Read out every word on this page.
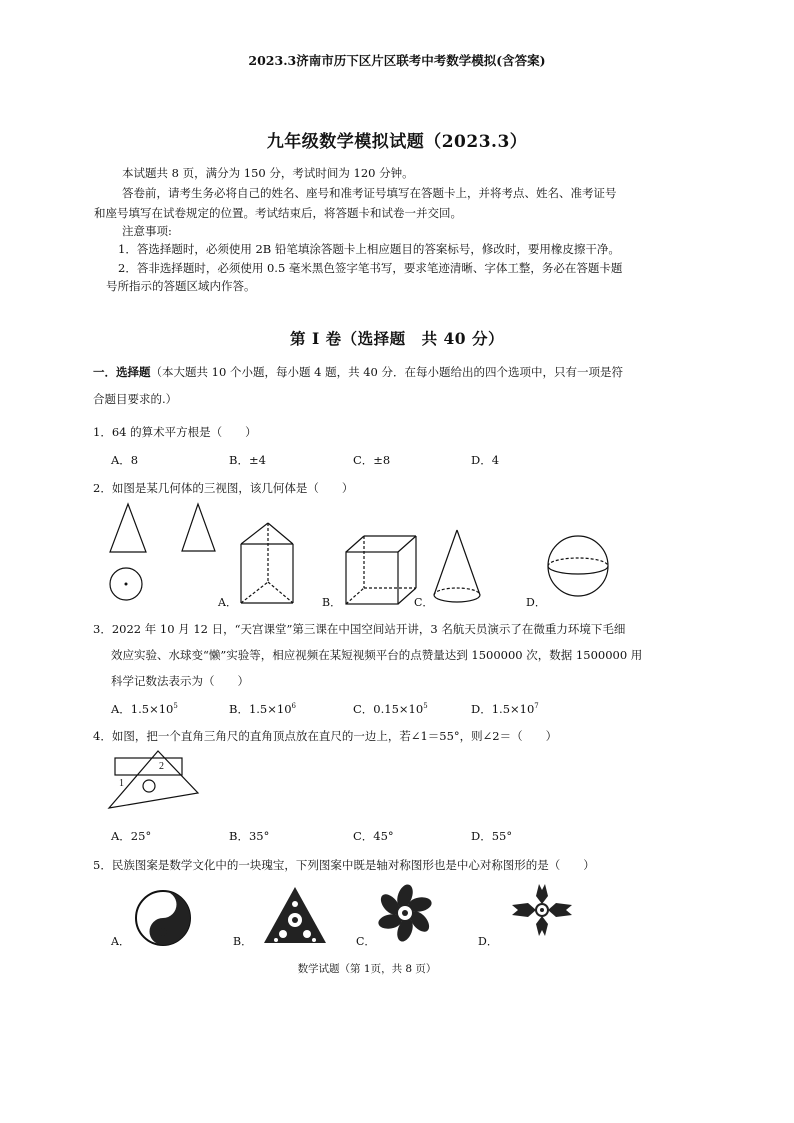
2023.3济南市历下区片区联考中考数学模拟(含答案)
九年级数学模拟试题（2023.3）
本试题共 8 页，满分为 150 分，考试时间为 120 分钟。
答卷前，请考生务必将自己的姓名、座号和准考证号填写在答题卡上，并将考点、姓名、准考证号
和座号填写在试卷规定的位置。考试结束后，将答题卡和试卷一并交回。
注意事项:
1．答选择题时，必须使用 2B 铅笔填涂答题卡上相应题目的答案标号，修改时，要用橡皮擦干净。
2．答非选择题时，必须使用 0.5 毫米黑色签字笔书写，要求笔迹清晰、字体工整，务必在答题卡题
号所指示的答题区域内作答。
第 I 卷（选择题　共 40 分）
一．选择题（本大题共 10 个小题，每小题 4 题，共 40 分．在每小题给出的四个选项中，只有一项是符
合题目要求的.）
1．64 的算术平方根是（　　）
A．8	B．±4	C．±8	D．4
2．如图是某几何体的三视图，该几何体是（　　）
1
2
A．	B．	C．	D．
3．2022 年 10 月 12 日，“天宫课堂”第三课在中国空间站开讲，3 名航天员演示了在微重力环境下毛细
效应实验、水球变“懒”实验等，相应视频在某短视频平台的点赞量达到 1500000 次，数据 1500000 用
科学记数法表示为（　　）
A．$1.5\times 10^5$	B．$1.5\times 10^6$	C．$0.15\times 10^5$	D．$1.5\times 10^7$
4．如图，把一个直角三角尺的直角顶点放在直尺的一边上，若∠1＝55°，则∠2＝（　　）
A．25°	B．35°	C．45°	D．55°
5．民族图案是数学文化中的一块瑰宝，下列图案中既是轴对称图形也是中心对称图形的是（　　）
A．	B．	C．	D．
数学试题（第 1页，共 8 页）
